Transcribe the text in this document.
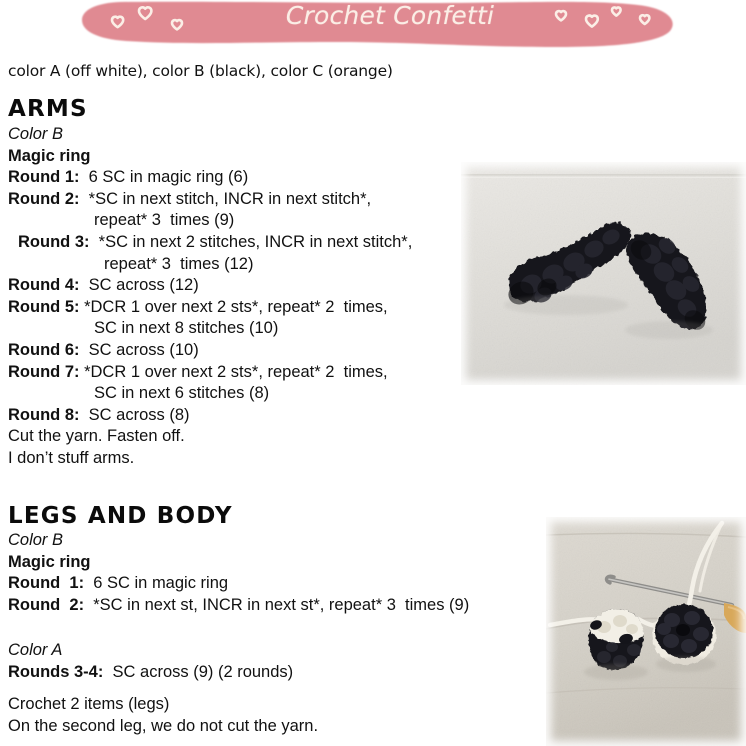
Crochet Confetti
color A (off white), color B (black), color C (orange)
ARMS
Color B
Magic ring
Round 1:  6 SC in magic ring (6)
Round 2:  *SC in next stitch, INCR in next stitch*,
repeat* 3  times (9)
Round 3:  *SC in next 2 stitches, INCR in next stitch*,
repeat* 3  times (12)
Round 4:  SC across (12)
Round 5: *DCR 1 over next 2 sts*, repeat* 2  times,
SC in next 8 stitches (10)
Round 6:  SC across (10)
Round 7: *DCR 1 over next 2 sts*, repeat* 2  times,
SC in next 6 stitches (8)
Round 8:  SC across (8)
Cut the yarn. Fasten off.
I don’t stuff arms.
LEGS AND BODY
Color B
Magic ring
Round  1:  6 SC in magic ring
Round  2:  *SC in next st, INCR in next st*, repeat* 3  times (9)
Color A
Rounds 3-4:  SC across (9) (2 rounds)
Crochet 2 items (legs)
On the second leg, we do not cut the yarn.
